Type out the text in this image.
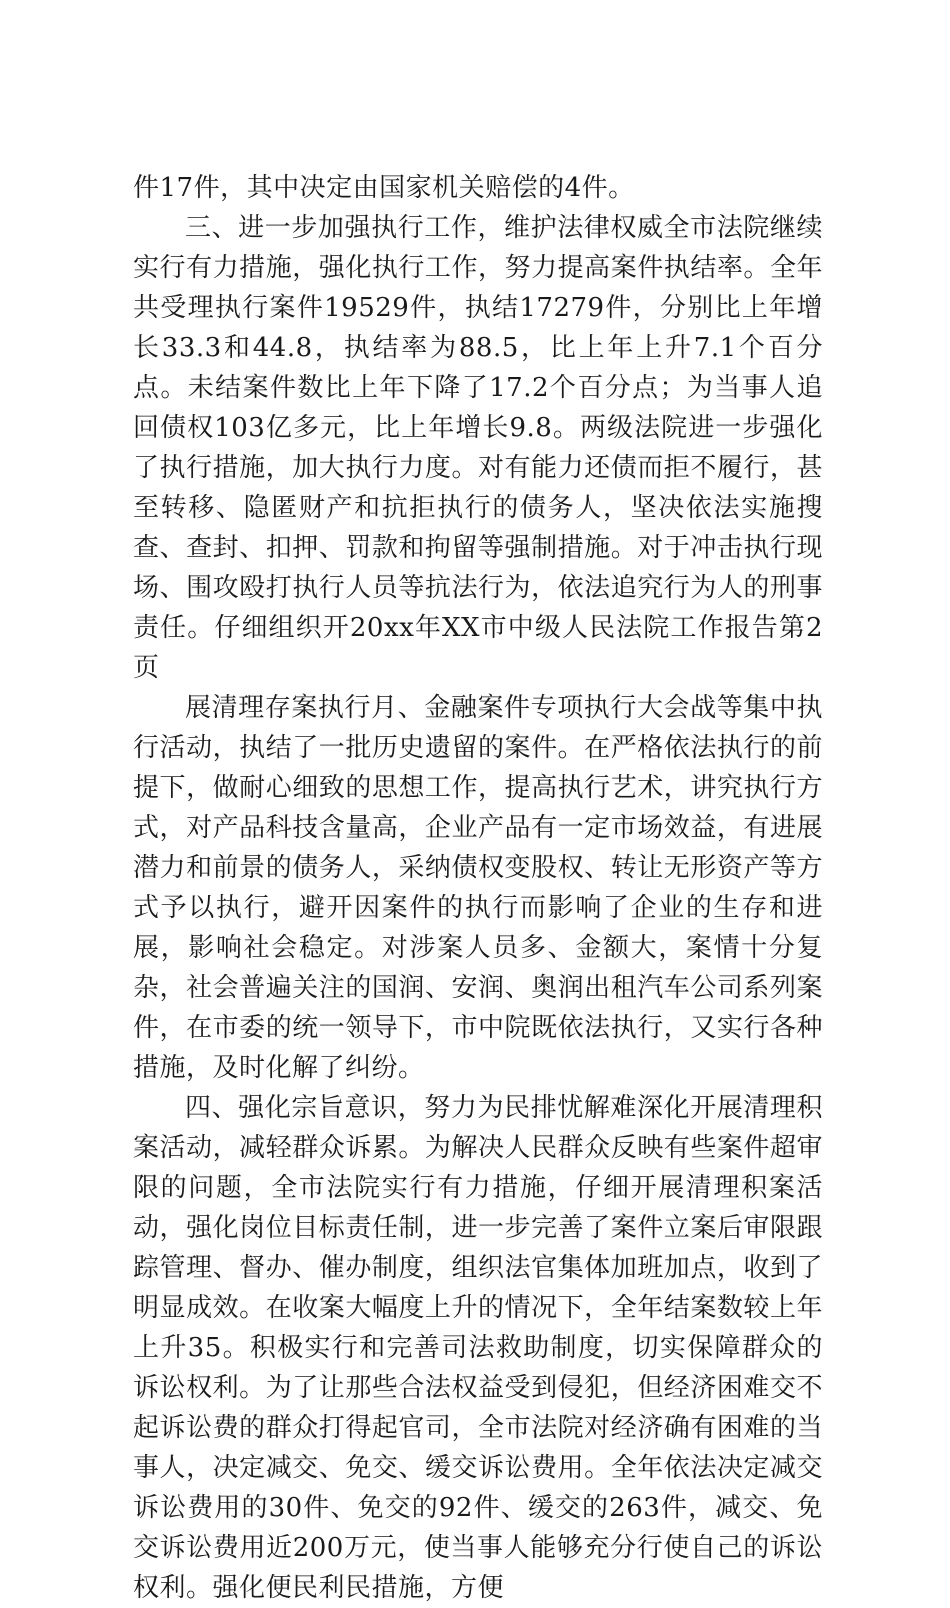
件17件，其中决定由国家机关赔偿的4件。

三、进一步加强执行工作，维护法律权威全市法院继续实行有力措施，强化执行工作，努力提高案件执结率。全年共受理执行案件19529件，执结17279件，分别比上年增长33.3和44.8，执结率为88.5，比上年上升7.1个百分点。未结案件数比上年下降了17.2个百分点；为当事人追回债权103亿多元，比上年增长9.8。两级法院进一步强化了执行措施，加大执行力度。对有能力还债而拒不履行，甚至转移、隐匿财产和抗拒执行的债务人，坚决依法实施搜查、查封、扣押、罚款和拘留等强制措施。对于冲击执行现场、围攻殴打执行人员等抗法行为，依法追究行为人的刑事责任。仔细组织开20xx年XX市中级人民法院工作报告第2页

展清理存案执行月、金融案件专项执行大会战等集中执行活动，执结了一批历史遗留的案件。在严格依法执行的前提下，做耐心细致的思想工作，提高执行艺术，讲究执行方式，对产品科技含量高，企业产品有一定市场效益，有进展潜力和前景的债务人，采纳债权变股权、转让无形资产等方式予以执行，避开因案件的执行而影响了企业的生存和进展，影响社会稳定。对涉案人员多、金额大，案情十分复杂，社会普遍关注的国润、安润、奥润出租汽车公司系列案件，在市委的统一领导下，市中院既依法执行，又实行各种措施，及时化解了纠纷。

四、强化宗旨意识，努力为民排忧解难深化开展清理积案活动，减轻群众诉累。为解决人民群众反映有些案件超审限的问题，全市法院实行有力措施，仔细开展清理积案活动，强化岗位目标责任制，进一步完善了案件立案后审限跟踪管理、督办、催办制度，组织法官集体加班加点，收到了明显成效。在收案大幅度上升的情况下，全年结案数较上年上升35。积极实行和完善司法救助制度，切实保障群众的诉讼权利。为了让那些合法权益受到侵犯，但经济困难交不起诉讼费的群众打得起官司，全市法院对经济确有困难的当事人，决定减交、免交、缓交诉讼费用。全年依法决定减交诉讼费用的30件、免交的92件、缓交的263件，减交、免交诉讼费用近200万元，使当事人能够充分行使自己的诉讼权利。强化便民利民措施，方便
